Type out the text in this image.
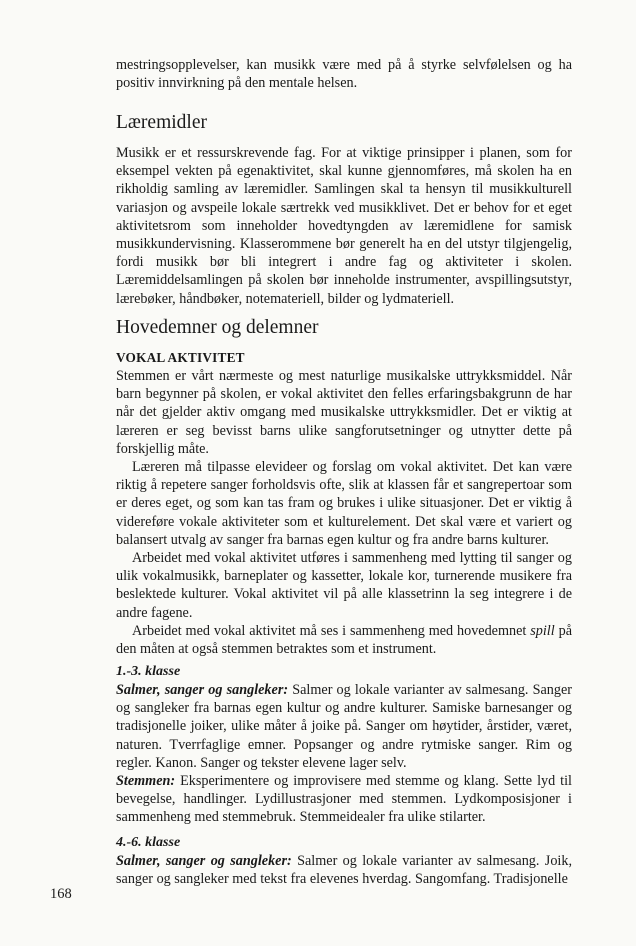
mestringsopplevelser, kan musikk være med på å styrke selvfølelsen og ha positiv innvirkning på den mentale helsen.

Læremidler

Musikk er et ressurskrevende fag. For at viktige prinsipper i planen, som for eksempel vekten på egenaktivitet, skal kunne gjennomføres, må skolen ha en rikholdig samling av læremidler. Samlingen skal ta hensyn til musikkulturell variasjon og avspeile lokale særtrekk ved musikklivet. Det er behov for et eget aktivitetsrom som inneholder hovedtyngden av læremidlene for samisk musikkundervisning. Klasserommene bør generelt ha en del utstyr tilgjengelig, fordi musikk bør bli integrert i andre fag og aktiviteter i skolen. Læremiddelsamlingen på skolen bør inneholde instrumenter, avspillingsutstyr, lærebøker, håndbøker, notemateriell, bilder og lydmateriell.

Hovedemner og delemner
VOKAL AKTIVITET

Stemmen er vårt nærmeste og mest naturlige musikalske uttrykksmiddel. Når barn begynner på skolen, er vokal aktivitet den felles erfaringsbakgrunn de har når det gjelder aktiv omgang med musikalske uttrykksmidler. Det er viktig at læreren er seg bevisst barns ulike sangforutsetninger og utnytter dette på forskjellig måte.

Læreren må tilpasse elevideer og forslag om vokal aktivitet. Det kan være riktig å repetere sanger forholdsvis ofte, slik at klassen får et sangrepertoar som er deres eget, og som kan tas fram og brukes i ulike situasjoner. Det er viktig å videreføre vokale aktiviteter som et kulturelement. Det skal være et variert og balansert utvalg av sanger fra barnas egen kultur og fra andre barns kulturer.

Arbeidet med vokal aktivitet utføres i sammenheng med lytting til sanger og ulik vokalmusikk, barneplater og kassetter, lokale kor, turnerende musikere fra beslektede kulturer. Vokal aktivitet vil på alle klassetrinn la seg integrere i de andre fagene.

Arbeidet med vokal aktivitet må ses i sammenheng med hovedemnet spill på den måten at også stemmen betraktes som et instrument.

1.-3. klasse

Salmer, sanger og sangleker: Salmer og lokale varianter av salmesang. Sanger og sangleker fra barnas egen kultur og andre kulturer. Samiske barnesanger og tradisjonelle joiker, ulike måter å joike på. Sanger om høytider, årstider, været, naturen. Tverrfaglige emner. Popsanger og andre rytmiske sanger. Rim og regler. Kanon. Sanger og tekster elevene lager selv.

Stemmen: Eksperimentere og improvisere med stemme og klang. Sette lyd til bevegelse, handlinger. Lydillustrasjoner med stemmen. Lydkomposisjoner i sammenheng med stemmebruk. Stemmeidealer fra ulike stilarter.

4.-6. klasse

Salmer, sanger og sangleker: Salmer og lokale varianter av salmesang. Joik, sanger og sangleker med tekst fra elevenes hverdag. Sangomfang. Tradisjonelle

168
